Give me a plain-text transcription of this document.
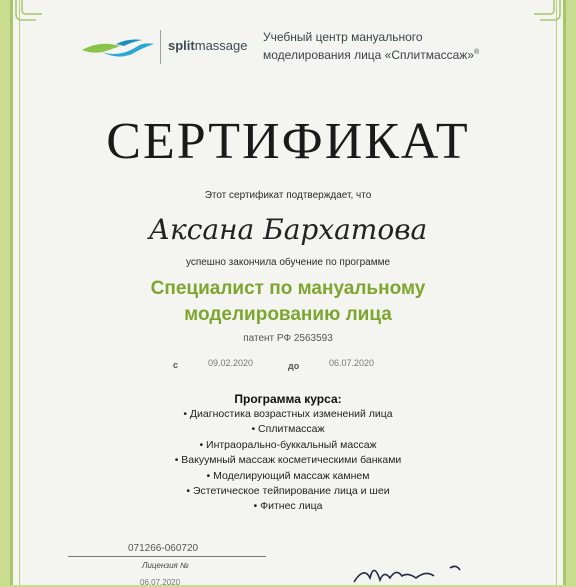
splitmassage
Учебный центр мануального
моделирования лица «Сплитмассаж»®
СЕРТИФИКАТ
Этот сертификат подтверждает, что
Аксана Бархатова
успешно закончила обучение по программе
Специалист по мануальному
моделированию лица
патент РФ 2563593
с	09.02.2020	до	06.07.2020
Программа курса:
• Диагностика возрастных изменений лица
• Сплитмассаж
• Интраорально-буккальный массаж
• Вакуумный массаж косметическими банками
• Моделирующий массаж камнем
• Эстетическое тейпирование лица и шеи
• Фитнес лица
071266-060720
Лицензия №
06.07.2020
